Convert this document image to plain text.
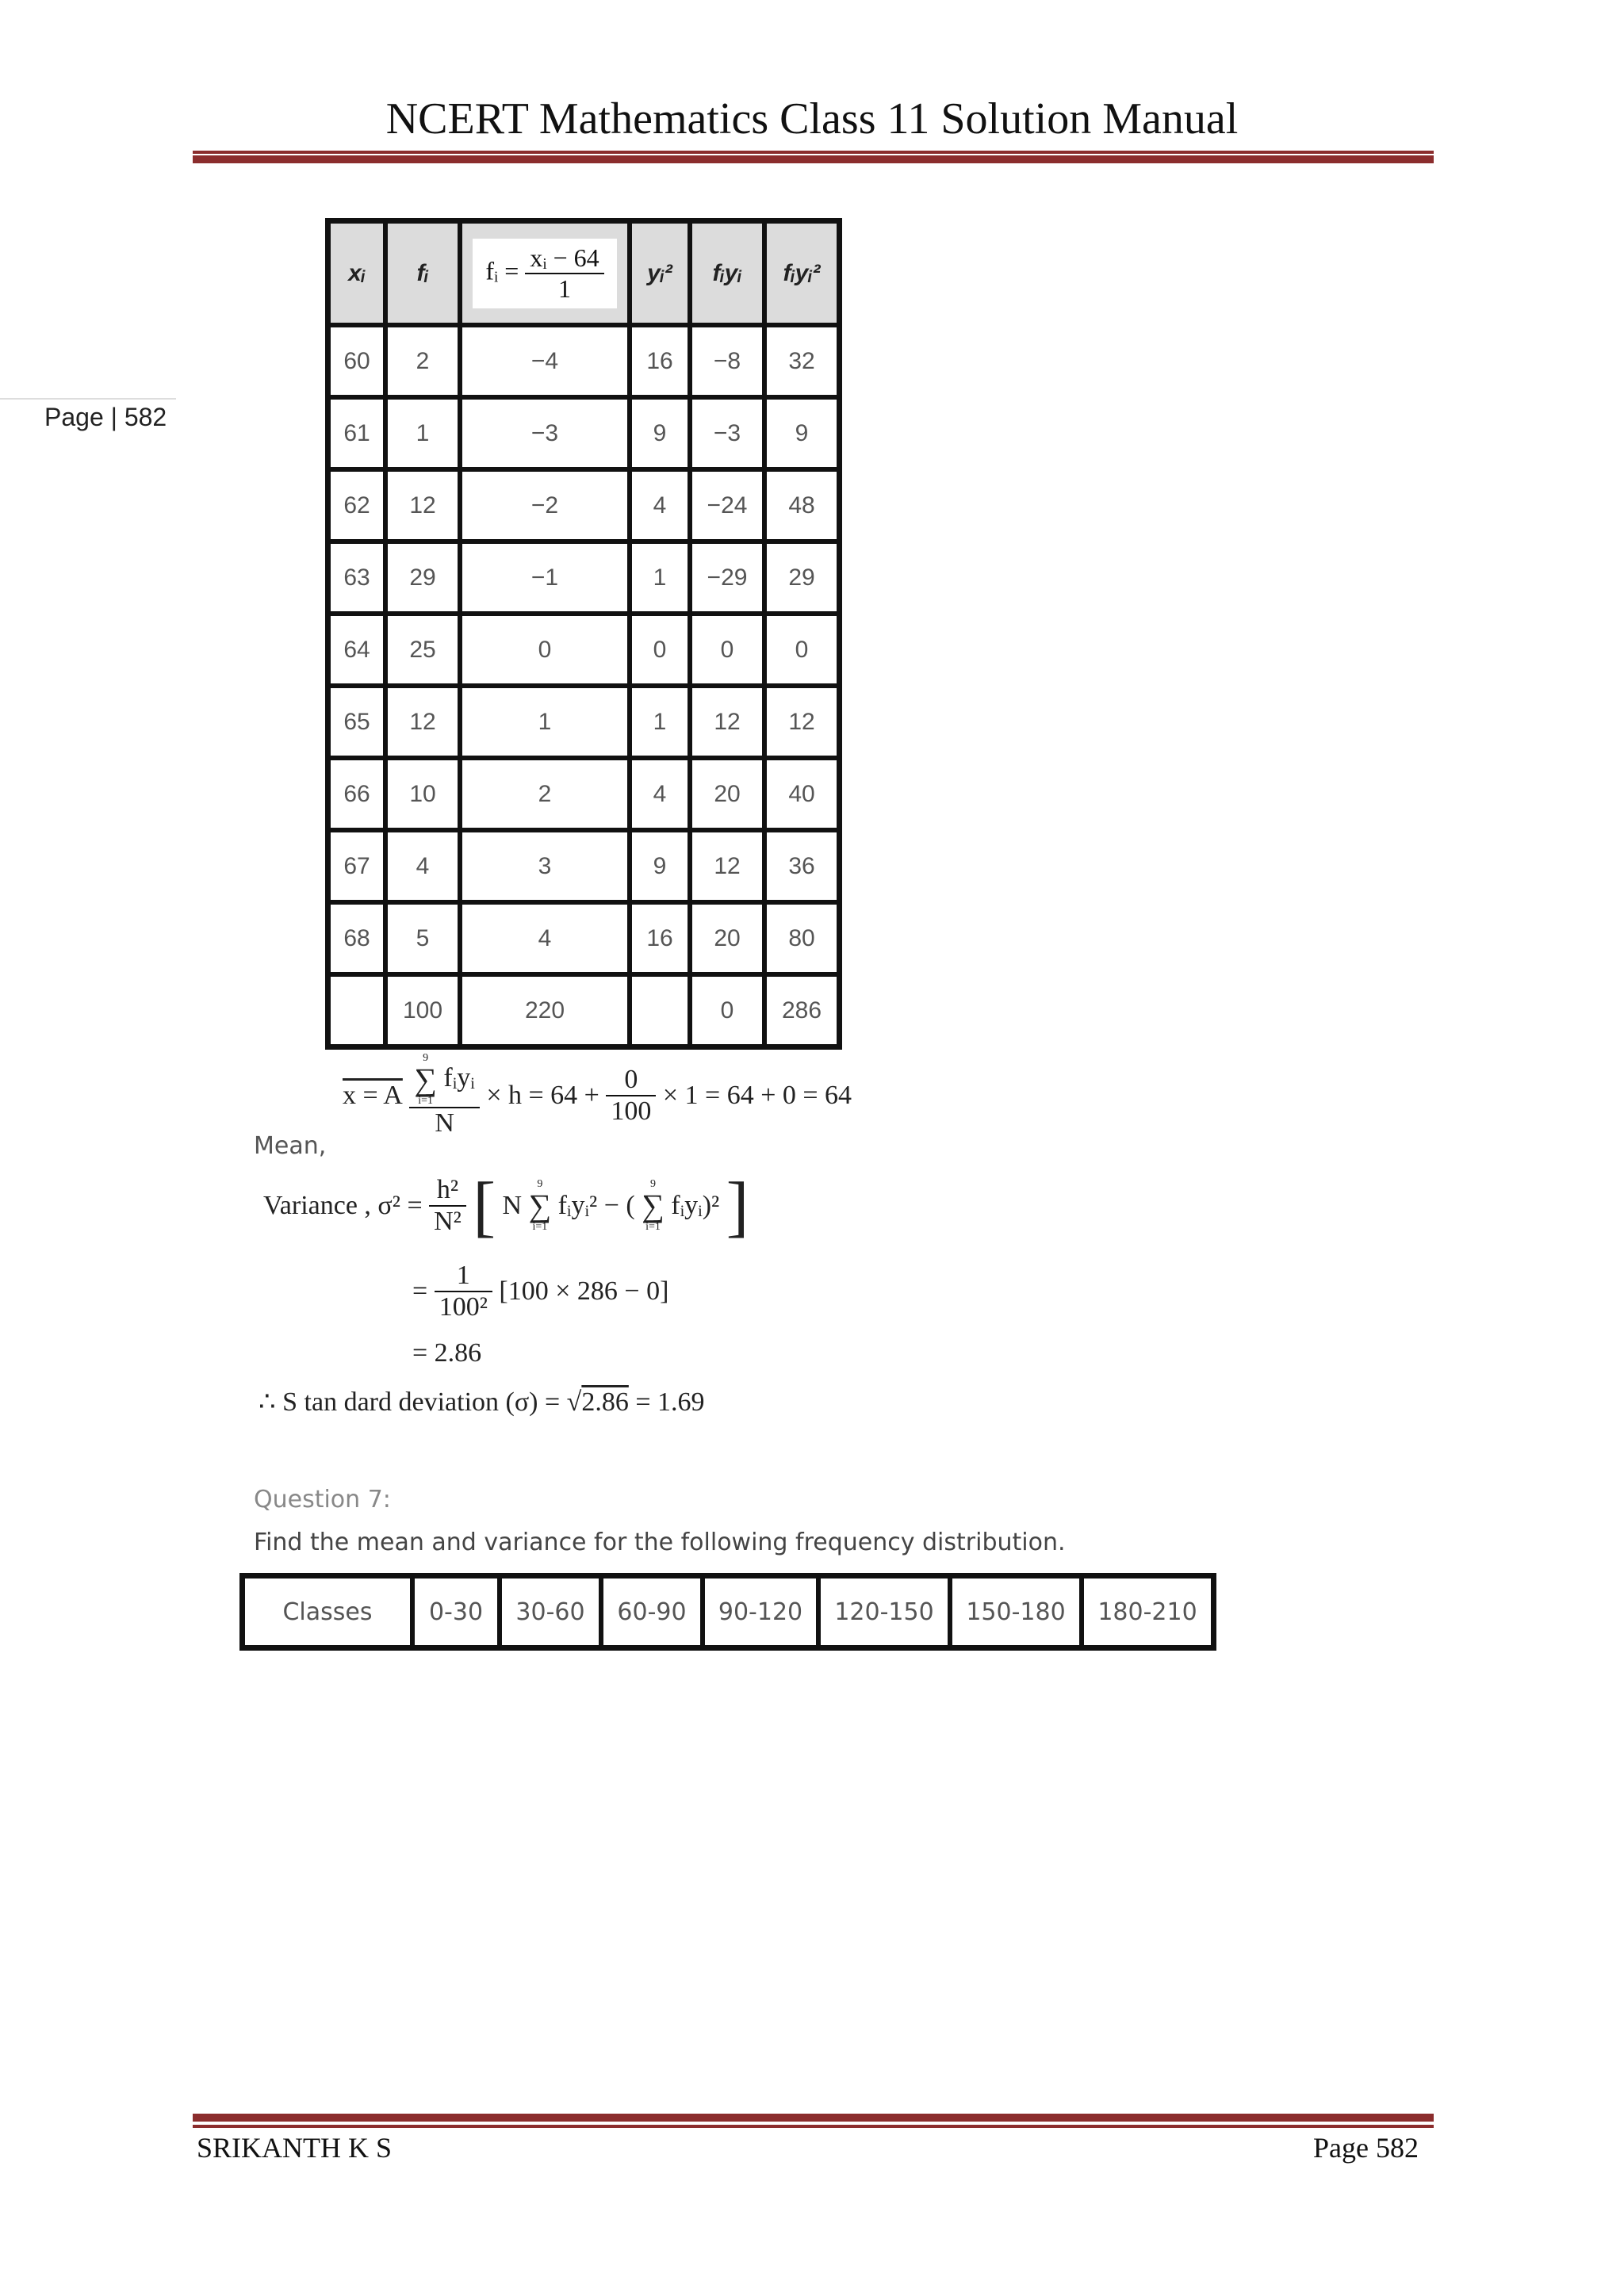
NCERT Mathematics Class 11 Solution Manual
Page | 582
xᵢ	fᵢ	fᵢ = $\frac{\text{xᵢ − 64}}{1}$	yᵢ²	fᵢyᵢ	fᵢyᵢ²
60	2	−4	16	−8	32
61	1	−3	9	−3	9
62	12	−2	4	−24	48
63	29	−1	1	−29	29
64	25	0	0	0	0
65	12	1	1	12	12
66	10	2	4	20	40
67	4	3	9	12	36
68	5	4	16	20	80
	100	220		0	286
Mean,
x = A 9
∑
i=1
fᵢyᵢ
$N \times h = 64 + \frac{0}{100} \times 1 = 64 + 0 = 64$
Variance , $\sigma^2 = \frac{\text{h²}}{\text{N²}}$ [ N
9
∑
i=1
fᵢyᵢ² − (
9
∑
i=1
fᵢyᵢ)² ]
= $\frac{1}{\text{100²}} [100 \times 286 - 0]$
= 2.86
∴ S tan dard deviation (σ) = √2.86 = 1.69
Question 7:
Find the mean and variance for the following frequency distribution.
Classes	0-30	30-60	60-90	90-120	120-150	150-180	180-210
SRIKANTH K S	Page 582
